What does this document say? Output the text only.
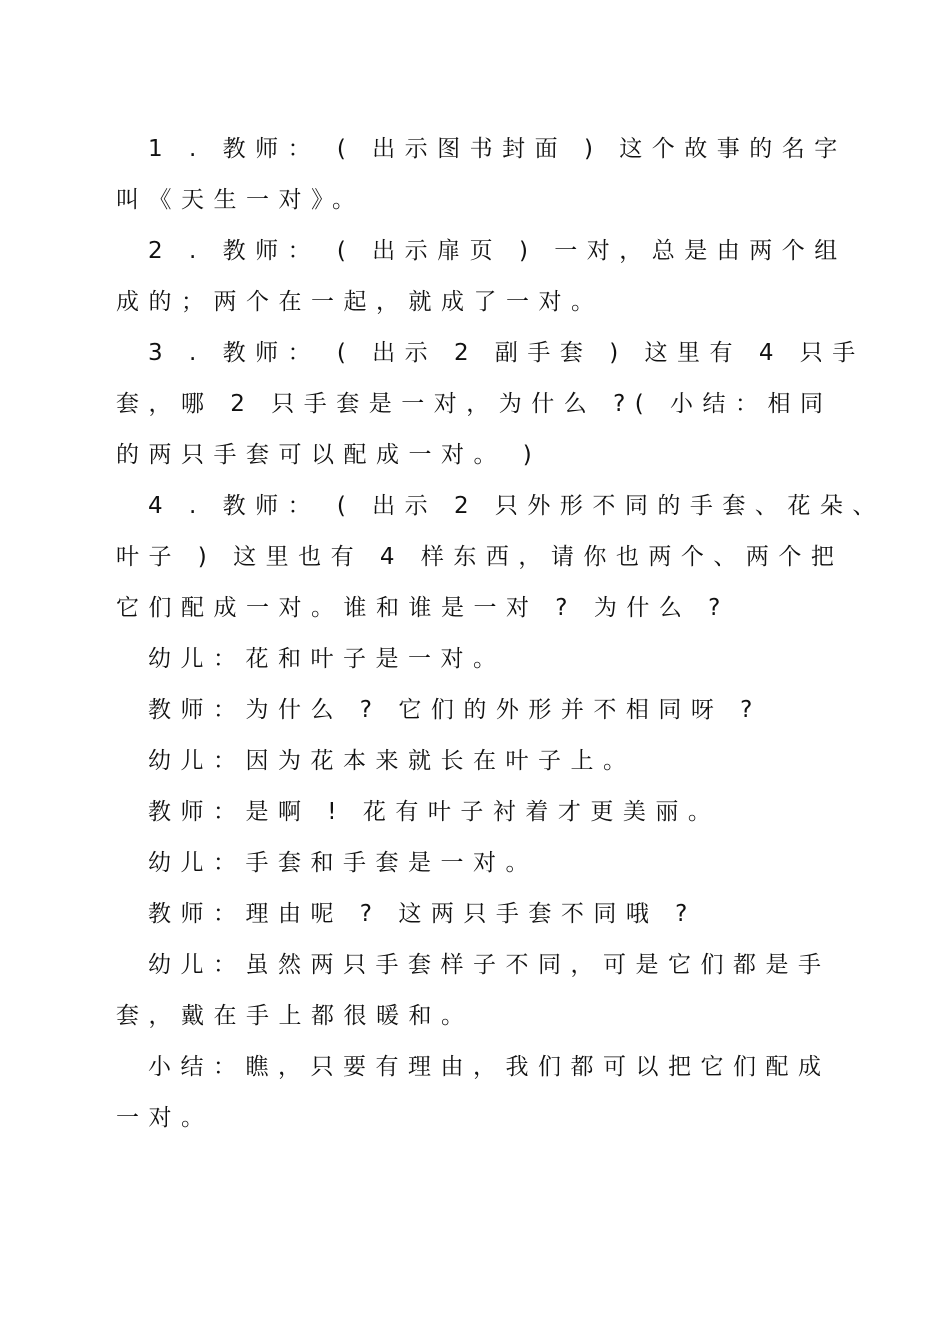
1 . 教师： ( 出示图书封面 ) 这个故事的名字
叫《天生一对》。
2 . 教师： ( 出示扉页 ) 一对，总是由两个组
成的；两个在一起，就成了一对。
3 . 教师： ( 出示 2 副手套 ) 这里有 4 只手
套，哪 2 只手套是一对，为什么 ?( 小结：相同
的两只手套可以配成一对。 )
4 . 教师： ( 出示 2 只外形不同的手套、花朵、
叶子 ) 这里也有 4 样东西，请你也两个、两个把
它们配成一对。谁和谁是一对 ? 为什么 ?
幼儿：花和叶子是一对。
教师：为什么 ? 它们的外形并不相同呀 ?
幼儿：因为花本来就长在叶子上。
教师：是啊 ! 花有叶子衬着才更美丽。
幼儿：手套和手套是一对。
教师：理由呢 ? 这两只手套不同哦 ?
幼儿：虽然两只手套样子不同，可是它们都是手
套，戴在手上都很暖和。
小结：瞧，只要有理由，我们都可以把它们配成
一对。
